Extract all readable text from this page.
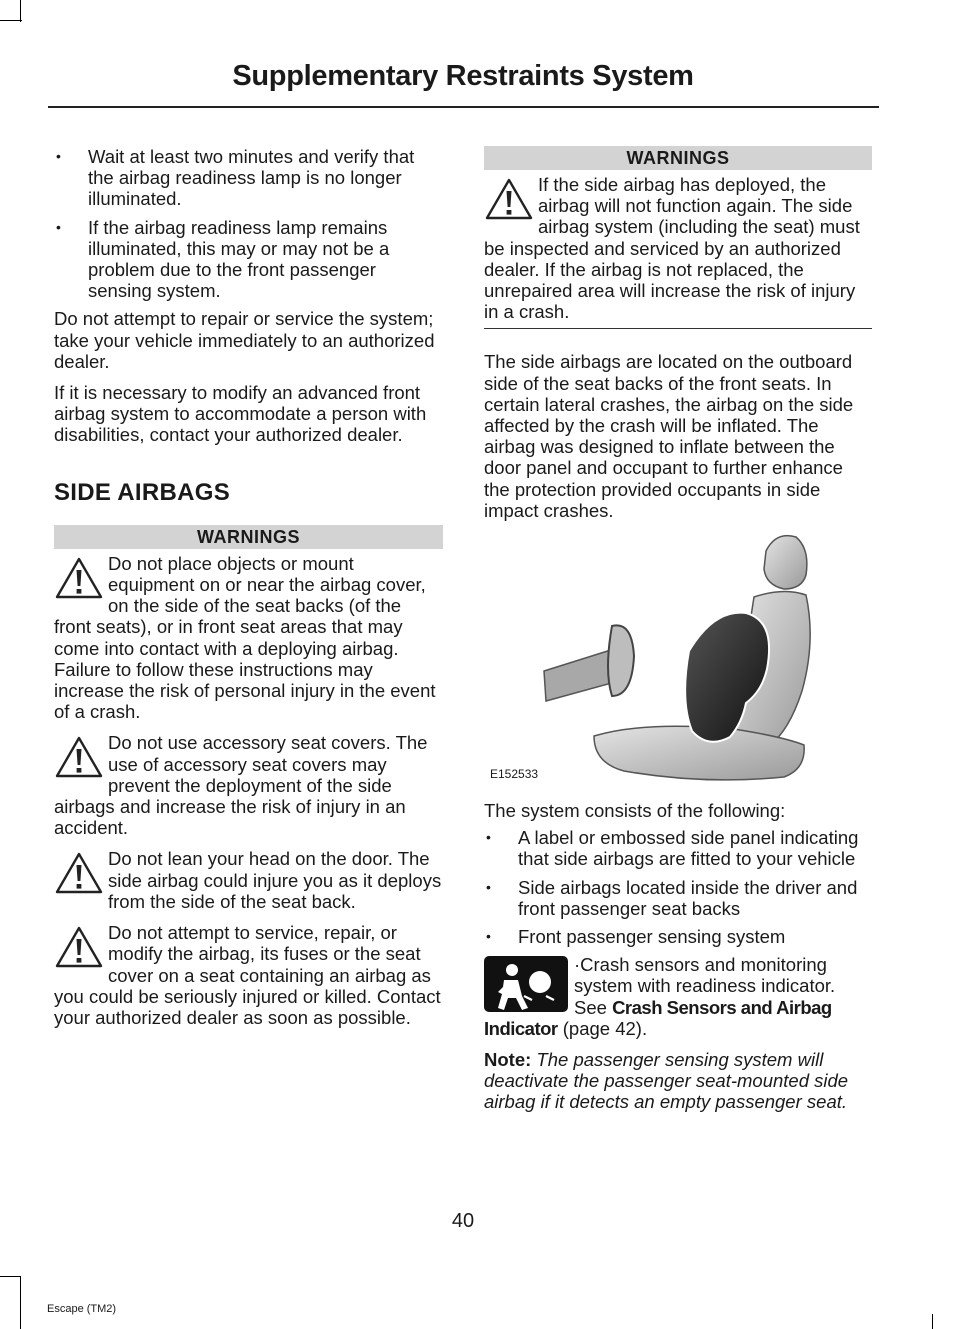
Supplementary Restraints System
• Wait at least two minutes and verify that the airbag readiness lamp is no longer illuminated.
• If the airbag readiness lamp remains illuminated, this may or may not be a problem due to the front passenger sensing system.

Do not attempt to repair or service the system; take your vehicle immediately to an authorized dealer.

If it is necessary to modify an advanced front airbag system to accommodate a person with disabilities, contact your authorized dealer.

SIDE AIRBAGS
WARNINGS
Do not place objects or mount equipment on or near the airbag cover, on the side of the seat backs (of the front seats), or in front seat areas that may come into contact with a deploying airbag. Failure to follow these instructions may increase the risk of personal injury in the event of a crash.
Do not use accessory seat covers. The use of accessory seat covers may prevent the deployment of the side airbags and increase the risk of injury in an accident.
Do not lean your head on the door. The side airbag could injure you as it deploys from the side of the seat back.
Do not attempt to service, repair, or modify the airbag, its fuses or the seat cover on a seat containing an airbag as you could be seriously injured or killed. Contact your authorized dealer as soon as possible.
WARNINGS
If the side airbag has deployed, the airbag will not function again. The side airbag system (including the seat) must be inspected and serviced by an authorized dealer. If the airbag is not replaced, the unrepaired area will increase the risk of injury in a crash.

The side airbags are located on the outboard side of the seat backs of the front seats. In certain lateral crashes, the airbag on the side affected by the crash will be inflated. The airbag was designed to inflate between the door panel and occupant to further enhance the protection provided occupants in side impact crashes.

E152533

The system consists of the following:

• A label or embossed side panel indicating that side airbags are fitted to your vehicle
• Side airbags located inside the driver and front passenger seat backs
• Front passenger sensing system
·Crash sensors and monitoring system with readiness indicator. See Crash Sensors and Airbag Indicator (page 42).

Note: The passenger sensing system will deactivate the passenger seat-mounted side airbag if it detects an empty passenger seat.

40
Escape (TM2)
